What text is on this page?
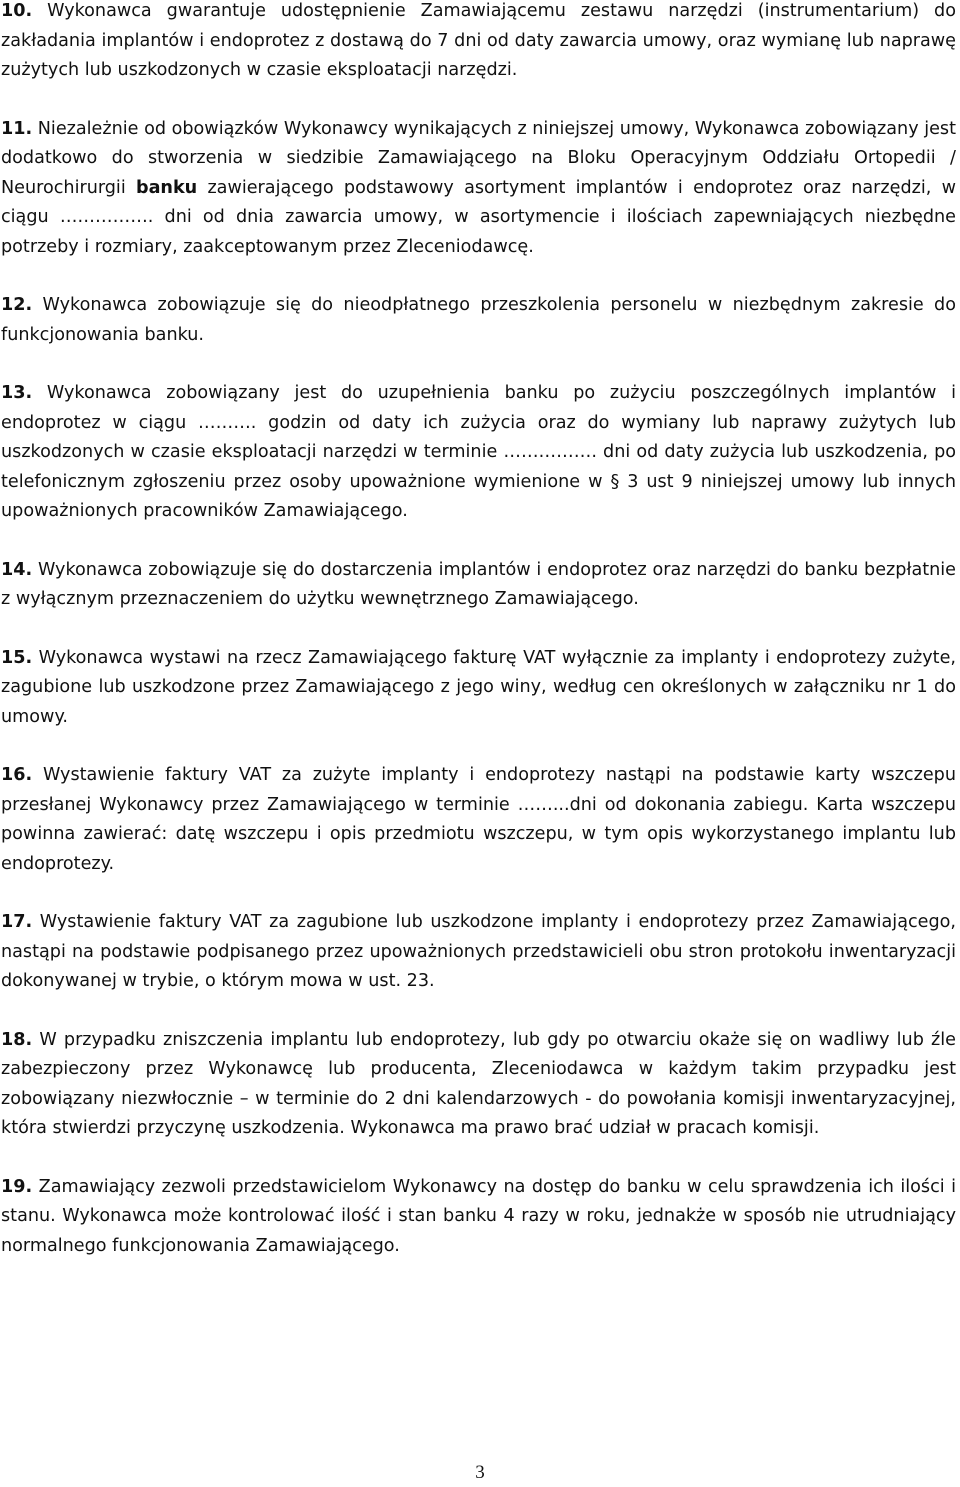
10. Wykonawca gwarantuje udostępnienie Zamawiającemu zestawu narzędzi (instrumentarium) do zakładania implantów i endoprotez z dostawą do 7 dni od daty zawarcia umowy, oraz wymianę lub naprawę zużytych lub uszkodzonych w czasie eksploatacji narzędzi.

11. Niezależnie od obowiązków Wykonawcy wynikających z niniejszej umowy, Wykonawca zobowiązany jest dodatkowo do stworzenia w siedzibie Zamawiającego na Bloku Operacyjnym Oddziału Ortopedii / Neurochirurgii banku zawierającego podstawowy asortyment implantów i endoprotez oraz narzędzi, w ciągu ……………. dni od dnia zawarcia umowy, w asortymencie i ilościach zapewniających niezbędne potrzeby i rozmiary, zaakceptowanym przez Zleceniodawcę.

12. Wykonawca zobowiązuje się do nieodpłatnego przeszkolenia personelu w niezbędnym zakresie do funkcjonowania banku.

13. Wykonawca zobowiązany jest do uzupełnienia banku po zużyciu poszczególnych implantów i endoprotez w ciągu ………. godzin od daty ich zużycia oraz do wymiany lub naprawy zużytych lub uszkodzonych w czasie eksploatacji narzędzi w terminie ……………. dni od daty zużycia lub uszkodzenia, po telefonicznym zgłoszeniu przez osoby upoważnione wymienione w § 3 ust 9 niniejszej umowy lub innych upoważnionych pracowników Zamawiającego.

14. Wykonawca zobowiązuje się do dostarczenia implantów i endoprotez oraz narzędzi do banku bezpłatnie z wyłącznym przeznaczeniem do użytku wewnętrznego Zamawiającego.

15. Wykonawca wystawi na rzecz Zamawiającego fakturę VAT wyłącznie za implanty i endoprotezy zużyte, zagubione lub uszkodzone przez Zamawiającego z jego winy, według cen określonych w załączniku nr 1 do umowy.

16. Wystawienie faktury VAT za zużyte implanty i endoprotezy nastąpi na podstawie karty wszczepu przesłanej Wykonawcy przez Zamawiającego w terminie ……...dni od dokonania zabiegu. Karta wszczepu powinna zawierać: datę wszczepu i opis przedmiotu wszczepu, w tym opis wykorzystanego implantu lub endoprotezy.

17. Wystawienie faktury VAT za zagubione lub uszkodzone implanty i endoprotezy przez Zamawiającego, nastąpi na podstawie podpisanego przez upoważnionych przedstawicieli obu stron protokołu inwentaryzacji dokonywanej w trybie, o którym mowa w ust. 23.

18. W przypadku zniszczenia implantu lub endoprotezy, lub gdy po otwarciu okaże się on wadliwy lub źle zabezpieczony przez Wykonawcę lub producenta, Zleceniodawca w każdym takim przypadku jest zobowiązany niezwłocznie – w terminie do 2 dni kalendarzowych - do powołania komisji inwentaryzacyjnej, która stwierdzi przyczynę uszkodzenia. Wykonawca ma prawo brać udział w pracach komisji.

19. Zamawiający zezwoli przedstawicielom Wykonawcy na dostęp do banku w celu sprawdzenia ich ilości i stanu. Wykonawca może kontrolować ilość i stan banku 4 razy w roku, jednakże w sposób nie utrudniający normalnego funkcjonowania Zamawiającego.

3
